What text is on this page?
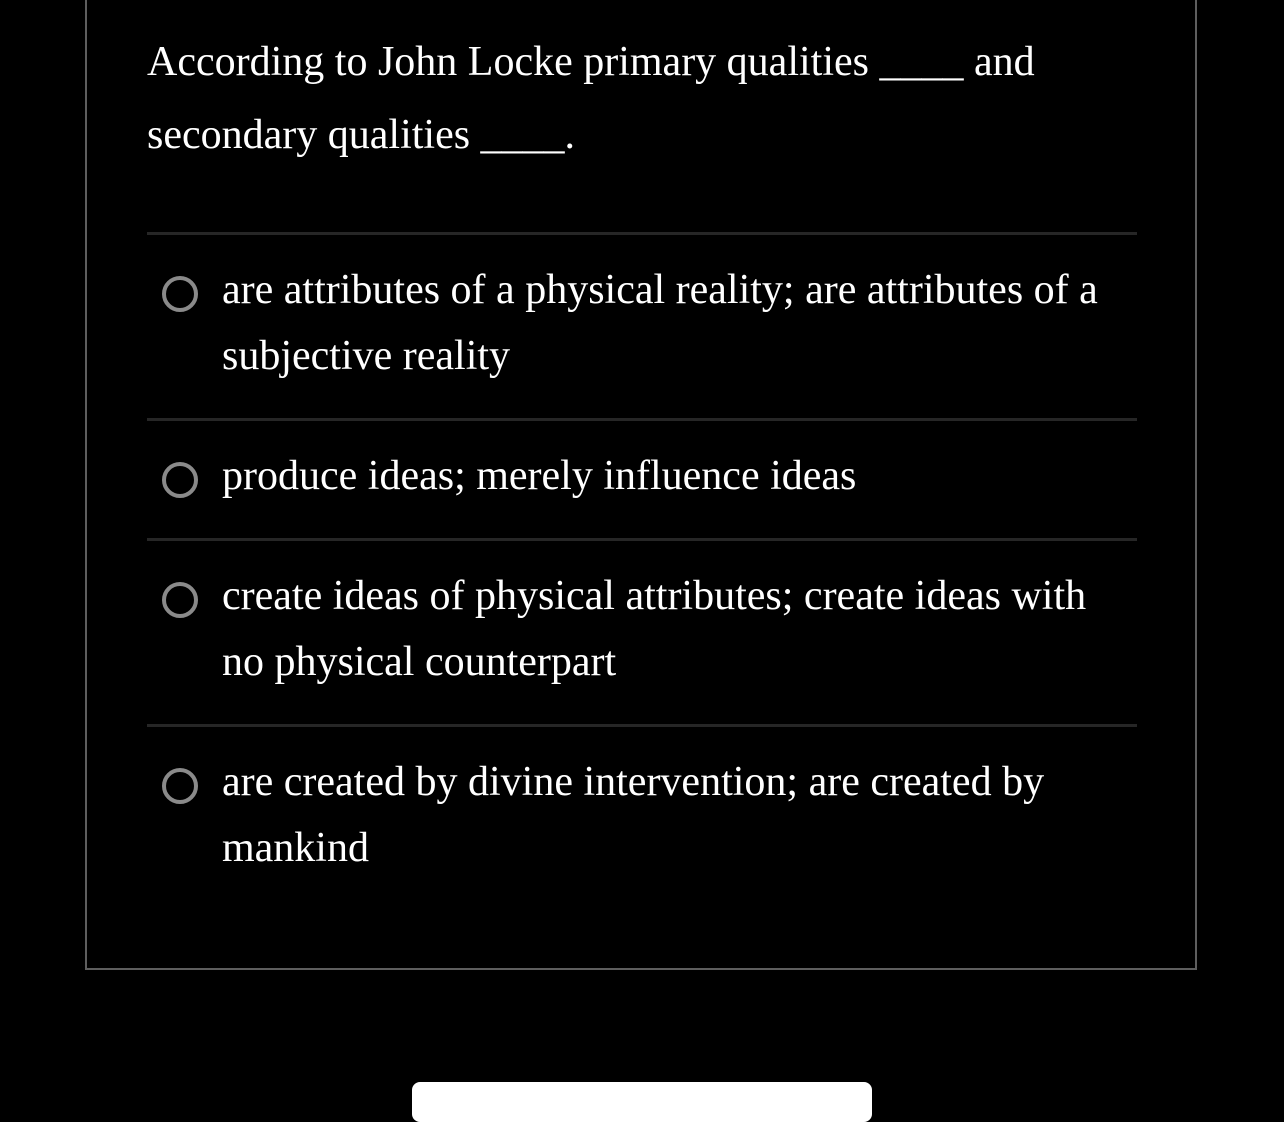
According to John Locke primary qualities ____ and secondary qualities ____.

are attributes of a physical reality; are attributes of a subjective reality
produce ideas; merely influence ideas
create ideas of physical attributes; create ideas with no physical counterpart
are created by divine intervention; are created by mankind
